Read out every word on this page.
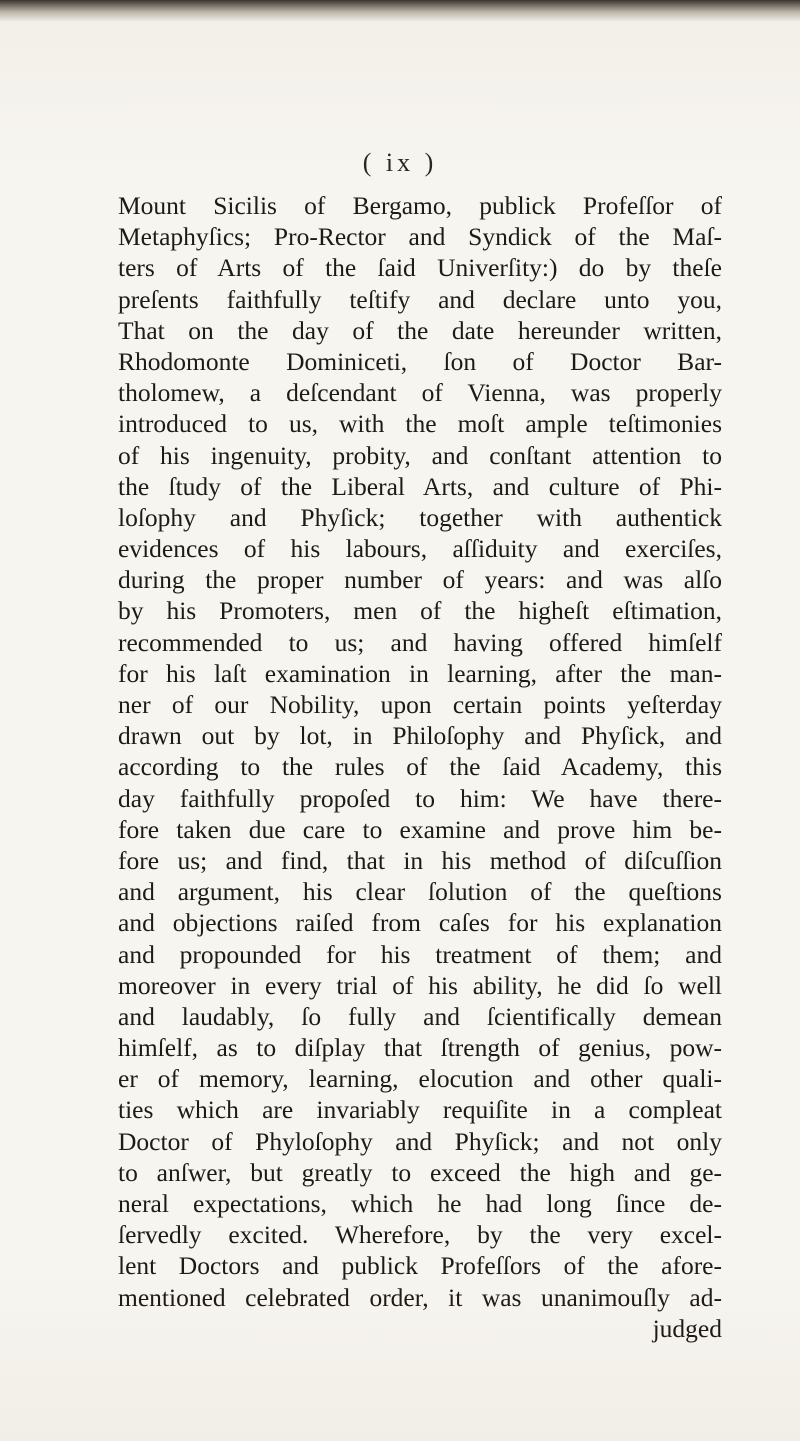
( ix )
Mount Sicilis of Bergamo, publick Profeſſor of
Metaphyſics; Pro-Rector and Syndick of the Maſ-
ters of Arts of the ſaid Univerſity:) do by theſe
preſents faithfully teſtify and declare unto you,
That on the day of the date hereunder written,
Rhodomonte Dominiceti, ſon of Doctor Bar-
tholomew, a deſcendant of Vienna, was properly
introduced to us, with the moſt ample teſtimonies
of his ingenuity, probity, and conſtant attention to
the ſtudy of the Liberal Arts, and culture of Phi-
loſophy and Phyſick; together with authentick
evidences of his labours, aſſiduity and exerciſes,
during the proper number of years: and was alſo
by his Promoters, men of the higheſt eſtimation,
recommended to us; and having offered himſelf
for his laſt examination in learning, after the man-
ner of our Nobility, upon certain points yeſterday
drawn out by lot, in Philoſophy and Phyſick, and
according to the rules of the ſaid Academy, this
day faithfully propoſed to him: We have there-
fore taken due care to examine and prove him be-
fore us; and find, that in his method of diſcuſſion
and argument, his clear ſolution of the queſtions
and objections raiſed from caſes for his explanation
and propounded for his treatment of them; and
moreover in every trial of his ability, he did ſo well
and laudably, ſo fully and ſcientifically demean
himſelf, as to diſplay that ſtrength of genius, pow-
er of memory, learning, elocution and other quali-
ties which are invariably requiſite in a compleat
Doctor of Phyloſophy and Phyſick; and not only
to anſwer, but greatly to exceed the high and ge-
neral expectations, which he had long ſince de-
ſervedly excited. Wherefore, by the very excel-
lent Doctors and publick Profeſſors of the afore-
mentioned celebrated order, it was unanimouſly ad-
judged
